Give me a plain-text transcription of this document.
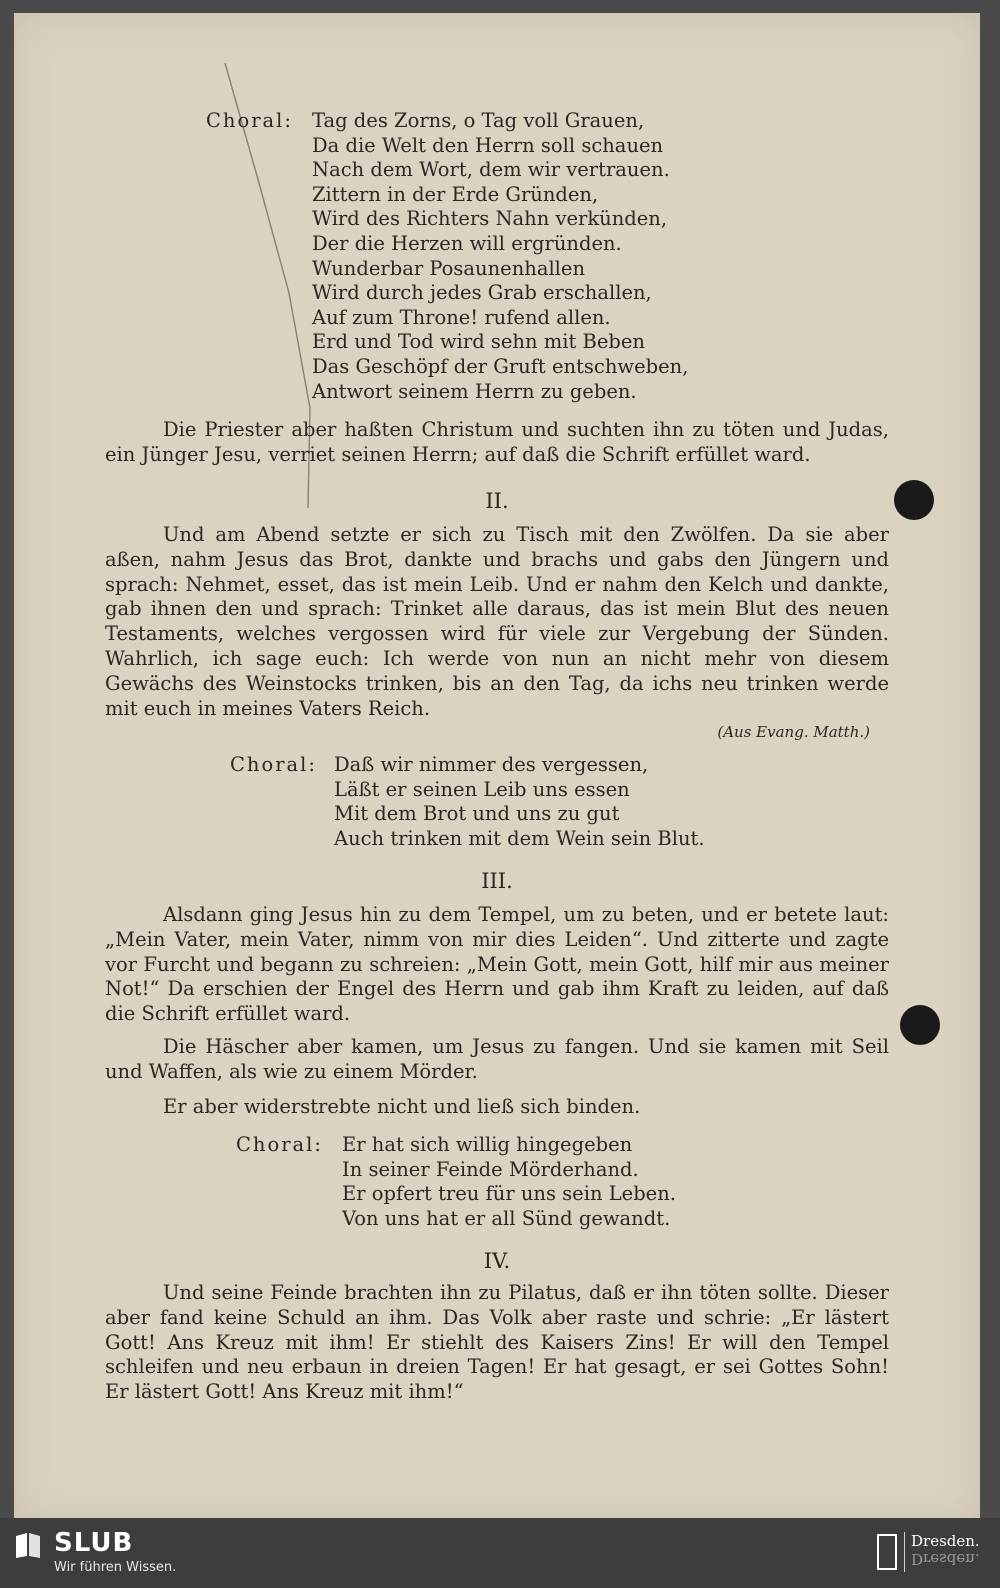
Choral: Tag des Zorns, o Tag voll Grauen,
Da die Welt den Herrn soll schauen
Nach dem Wort, dem wir vertrauen.
Zittern in der Erde Gründen,
Wird des Richters Nahn verkünden,
Der die Herzen will ergründen.
Wunderbar Posaunenhallen
Wird durch jedes Grab erschallen,
Auf zum Throne! rufend allen.
Erd und Tod wird sehn mit Beben
Das Geschöpf der Gruft entschweben,
Antwort seinem Herrn zu geben.
Die Priester aber haßten Christum und suchten ihn zu töten und Judas, ein Jünger Jesu, verriet seinen Herrn; auf daß die Schrift erfüllet ward.
II.
Und am Abend setzte er sich zu Tisch mit den Zwölfen. Da sie aber aßen, nahm Jesus das Brot, dankte und brachs und gabs den Jüngern und sprach: Nehmet, esset, das ist mein Leib. Und er nahm den Kelch und dankte, gab ihnen den und sprach: Trinket alle daraus, das ist mein Blut des neuen Testaments, welches vergossen wird für viele zur Vergebung der Sünden. Wahrlich, ich sage euch: Ich werde von nun an nicht mehr von diesem Gewächs des Weinstocks trinken, bis an den Tag, da ichs neu trinken werde mit euch in meines Vaters Reich.
(Aus Evang. Matth.)
Choral: Daß wir nimmer des vergessen,
Läßt er seinen Leib uns essen
Mit dem Brot und uns zu gut
Auch trinken mit dem Wein sein Blut.
III.
Alsdann ging Jesus hin zu dem Tempel, um zu beten, und er betete laut: „Mein Vater, mein Vater, nimm von mir dies Leiden“. Und zitterte und zagte vor Furcht und begann zu schreien: „Mein Gott, mein Gott, hilf mir aus meiner Not!“ Da erschien der Engel des Herrn und gab ihm Kraft zu leiden, auf daß die Schrift erfüllet ward.
Die Häscher aber kamen, um Jesus zu fangen. Und sie kamen mit Seil und Waffen, als wie zu einem Mörder.
Er aber widerstrebte nicht und ließ sich binden.
Choral: Er hat sich willig hingegeben
In seiner Feinde Mörderhand.
Er opfert treu für uns sein Leben.
Von uns hat er all Sünd gewandt.
IV.
Und seine Feinde brachten ihn zu Pilatus, daß er ihn töten sollte. Dieser aber fand keine Schuld an ihm. Das Volk aber raste und schrie: „Er lästert Gott! Ans Kreuz mit ihm! Er stiehlt des Kaisers Zins! Er will den Tempel schleifen und neu erbaun in dreien Tagen! Er hat gesagt, er sei Gottes Sohn! Er lästert Gott! Ans Kreuz mit ihm!“
SLUB
Wir führen Wissen.
Dresden.
Dresden.
